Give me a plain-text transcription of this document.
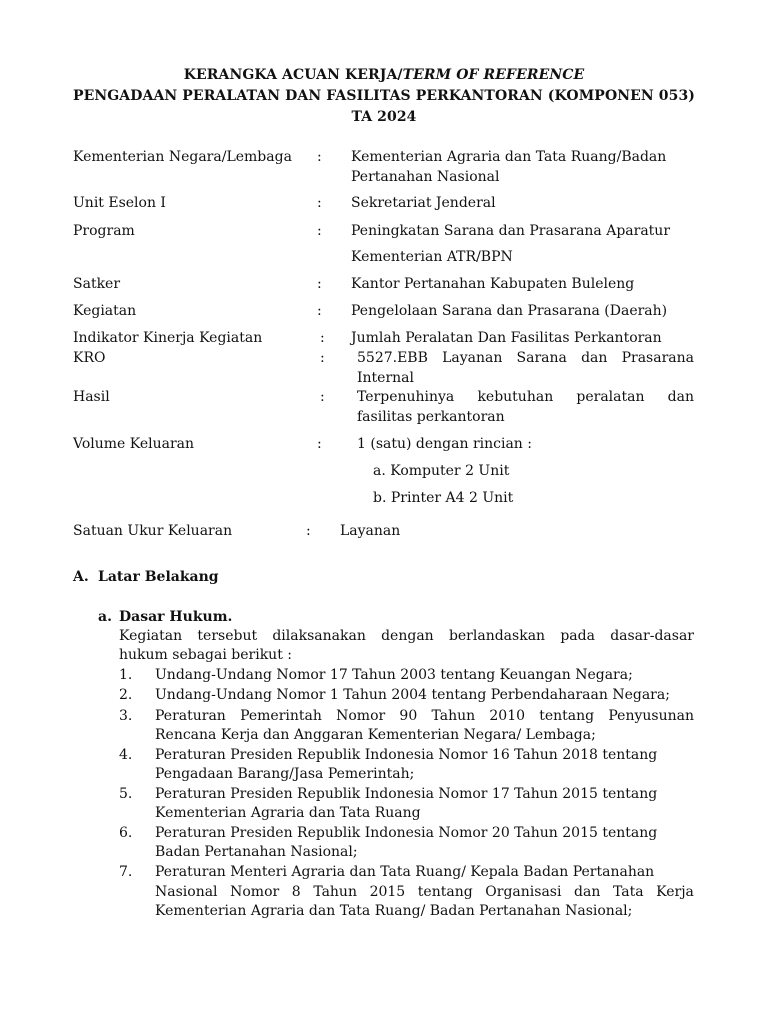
KERANGKA ACUAN KERJA/TERM OF REFERENCE
PENGADAAN PERALATAN DAN FASILITAS PERKANTORAN (KOMPONEN 053)
TA 2024
Kementerian Negara/Lembaga :	Kementerian Agraria dan Tata Ruang/Badan
Pertanahan Nasional
Unit Eselon I	:	Sekretariat Jenderal
Program	:	Peningkatan Sarana dan Prasarana Aparatur
Kementerian ATR/BPN
Satker	:	Kantor Pertanahan Kabupaten Buleleng
Kegiatan	:	Pengelolaan Sarana dan Prasarana (Daerah)
Indikator Kinerja Kegiatan	:	Jumlah Peralatan Dan Fasilitas Perkantoran
KRO	:	5527.EBB Layanan Sarana dan Prasarana
Internal
Hasil	:	Terpenuhinya kebutuhan peralatan dan
fasilitas perkantoran
Volume Keluaran	:	1 (satu) dengan rincian :
a. Komputer 2 Unit
b. Printer A4 2 Unit
Satuan Ukur Keluaran	:	Layanan
A. Latar Belakang
a. Dasar Hukum.
Kegiatan tersebut dilaksanakan dengan berlandaskan pada dasar-dasar
hukum sebagai berikut :
1. Undang-Undang Nomor 17 Tahun 2003 tentang Keuangan Negara;
2. Undang-Undang Nomor 1 Tahun 2004 tentang Perbendaharaan Negara;
3. Peraturan Pemerintah Nomor 90 Tahun 2010 tentang Penyusunan
Rencana Kerja dan Anggaran Kementerian Negara/ Lembaga;
4. Peraturan Presiden Republik Indonesia Nomor 16 Tahun 2018 tentang
Pengadaan Barang/Jasa Pemerintah;
5. Peraturan Presiden Republik Indonesia Nomor 17 Tahun 2015 tentang
Kementerian Agraria dan Tata Ruang
6. Peraturan Presiden Republik Indonesia Nomor 20 Tahun 2015 tentang
Badan Pertanahan Nasional;
7. Peraturan Menteri Agraria dan Tata Ruang/ Kepala Badan Pertanahan
Nasional Nomor 8 Tahun 2015 tentang Organisasi dan Tata Kerja
Kementerian Agraria dan Tata Ruang/ Badan Pertanahan Nasional;
